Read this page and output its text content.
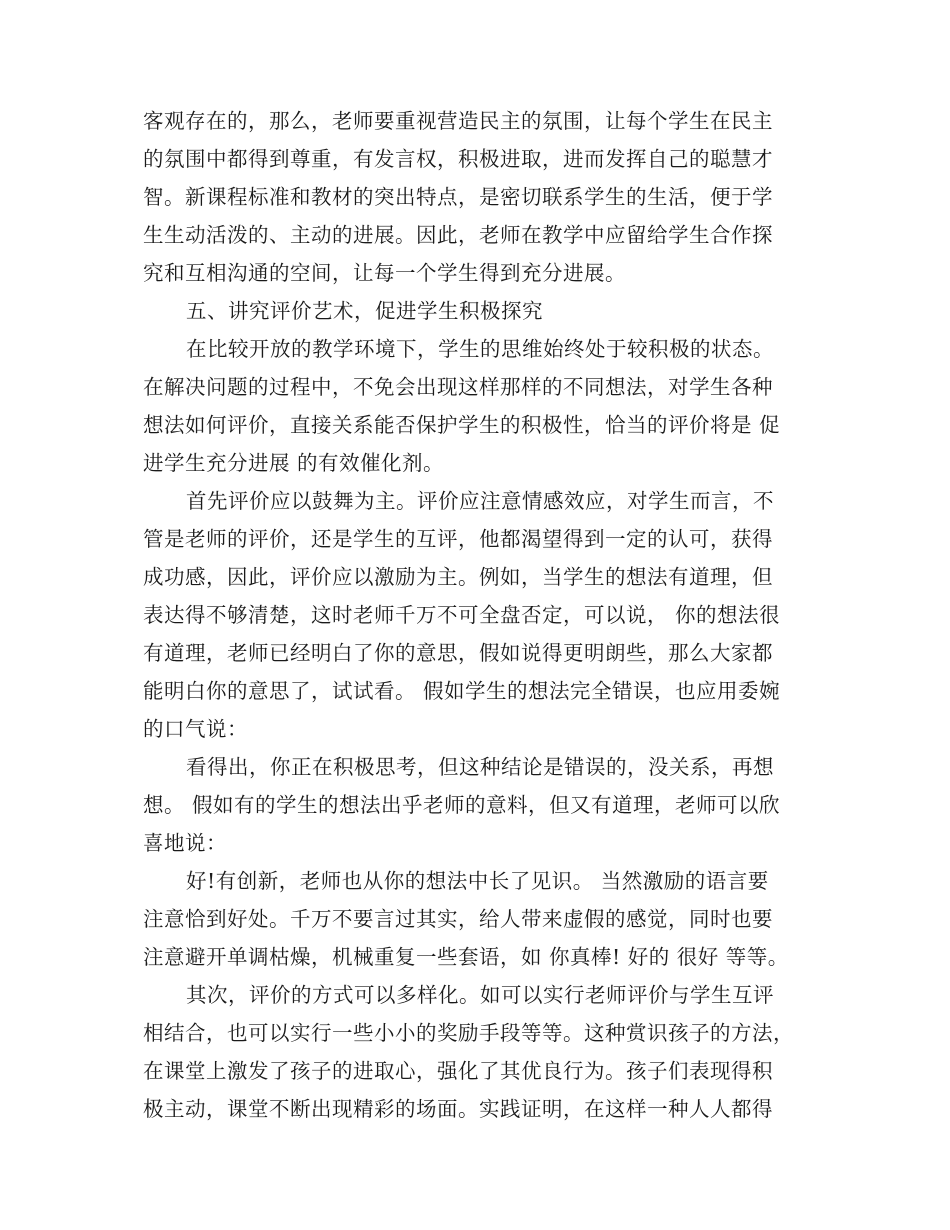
客观存在的，那么，老师要重视营造民主的氛围，让每个学生在民主
的氛围中都得到尊重，有发言权，积极进取，进而发挥自己的聪慧才
智。新课程标准和教材的突出特点，是密切联系学生的生活，便于学
生生动活泼的、主动的进展。因此，老师在教学中应留给学生合作探
究和互相沟通的空间，让每一个学生得到充分进展。
五、讲究评价艺术，促进学生积极探究
在比较开放的教学环境下，学生的思维始终处于较积极的状态。
在解决问题的过程中，不免会出现这样那样的不同想法，对学生各种
想法如何评价，直接关系能否保护学生的积极性，恰当的评价将是 促
进学生充分进展 的有效催化剂。
首先评价应以鼓舞为主。评价应注意情感效应，对学生而言，不
管是老师的评价，还是学生的互评，他都渴望得到一定的认可，获得
成功感，因此，评价应以激励为主。例如，当学生的想法有道理，但
表达得不够清楚，这时老师千万不可全盘否定，可以说， 你的想法很
有道理，老师已经明白了你的意思，假如说得更明朗些，那么大家都
能明白你的意思了，试试看。 假如学生的想法完全错误，也应用委婉
的口气说：
看得出，你正在积极思考，但这种结论是错误的，没关系，再想
想。 假如有的学生的想法出乎老师的意料，但又有道理，老师可以欣
喜地说：
好!有创新，老师也从你的想法中长了见识。 当然激励的语言要
注意恰到好处。千万不要言过其实，给人带来虚假的感觉，同时也要
注意避开单调枯燥，机械重复一些套语，如 你真棒! 好的 很好 等等。
其次，评价的方式可以多样化。如可以实行老师评价与学生互评
相结合，也可以实行一些小小的奖励手段等等。这种赏识孩子的方法，
在课堂上激发了孩子的进取心，强化了其优良行为。孩子们表现得积
极主动，课堂不断出现精彩的场面。实践证明，在这样一种人人都得
